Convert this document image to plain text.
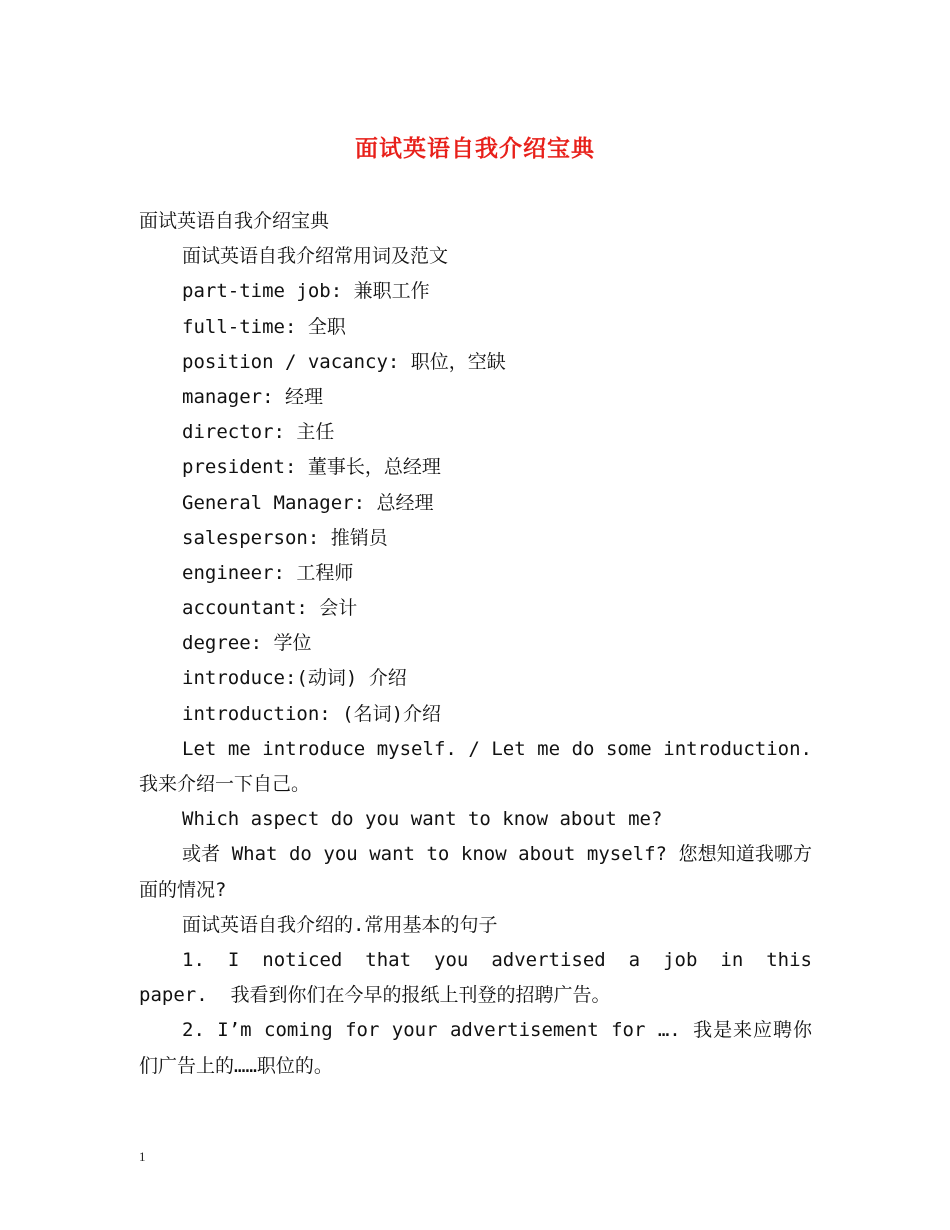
面试英语自我介绍宝典
面试英语自我介绍宝典
面试英语自我介绍常用词及范文
part-time job: 兼职工作
full-time: 全职
position / vacancy: 职位，空缺
manager: 经理
director: 主任
president: 董事长，总经理
General Manager: 总经理
salesperson: 推销员
engineer: 工程师
accountant: 会计
degree: 学位
introduce:(动词) 介绍
introduction: (名词)介绍
Let me introduce myself. / Let me do some introduction.
我来介绍一下自己。
Which aspect do you want to know about me?
或者 What do you want to know about myself? 您想知道我哪方
面的情况?
面试英语自我介绍的.常用基本的句子
1. I noticed that you advertised a job in this
paper.  我看到你们在今早的报纸上刊登的招聘广告。
2. I’m coming for your advertisement for …. 我是来应聘你
们广告上的……职位的。
1
